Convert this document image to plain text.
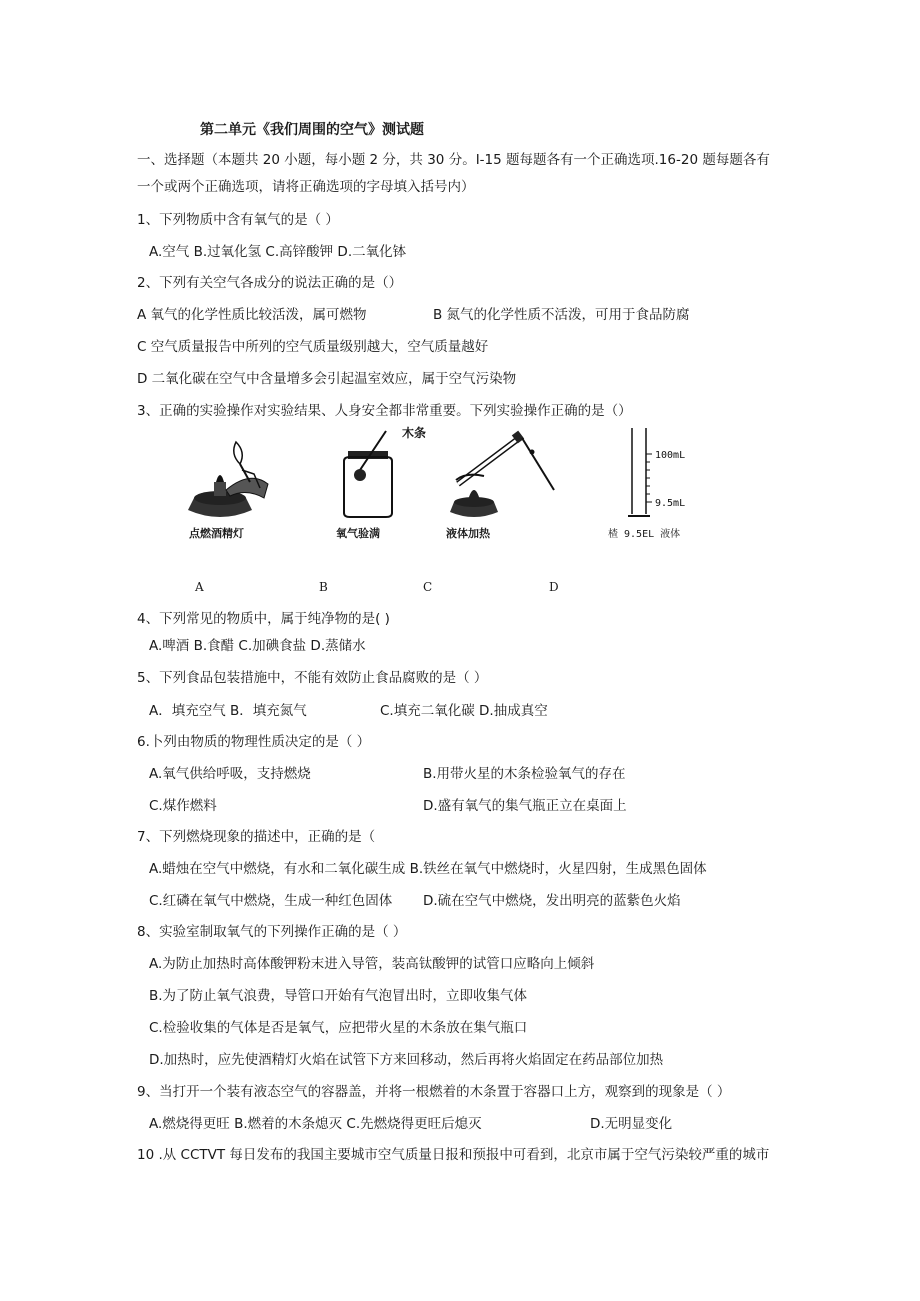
第二单元《我们周围的空气》测试题
一、选择题（本题共 20 小题，每小题 2 分，共 30 分。I-15 题每题各有一个正确选项.16-20 题每题各有
一个或两个正确选项，请将正确选项的字母填入括号内）
1、下列物质中含有氧气的是（ ）
A.空气 B.过氧化氢 C.高锌酸钾 D.二氧化钵
2、下列有关空气各成分的说法正确的是（）
A 氧气的化学性质比较活泼，属可燃物	B 氮气的化学性质不活泼，可用于食品防腐
C 空气质量报告中所列的空气质量级别越大，空气质量越好
D 二氧化碳在空气中含量增多会引起温室效应，属于空气污染物
3、正确的实验操作对实验结果、人身安全都非常重要。下列实验操作正确的是（）
点燃酒精灯
木条
氧气验满	液体加热
100mL
9.5mL
楂 9.5EL 液体
A	B	C	D
4、下列常见的物质中，属于纯净物的是( )
A.啤酒 B.食醋 C.加碘食盐 D.蒸储水
5、下列食品包装措施中，不能有效防止食品腐败的是（ ）
A．填充空气 B．填充氮气	C.填充二氧化碳 D.抽成真空
6.卜列由物质的物理性质决定的是（ ）
A.氧气供给呼吸，支持燃烧	B.用带火星的木条检验氧气的存在
C.煤作燃料	D.盛有氧气的集气瓶正立在桌面上
7、下列燃烧现象的描述中，正确的是（
A.蜡烛在空气中燃烧，有水和二氧化碳生成 B.铁丝在氧气中燃烧时，火星四射，生成黑色固体
C.红磷在氧气中燃烧，生成一种红色固体 D.硫在空气中燃烧，发出明亮的蓝紫色火焰
8、实验室制取氧气的下列操作正确的是（ ）
A.为防止加热时高体酸钾粉末进入导管，装高钛酸钾的试管口应略向上倾斜
B.为了防止氧气浪费，导管口开始有气泡冒出时，立即收集气体
C.检验收集的气体是否是氧气，应把带火星的木条放在集气瓶口
D.加热时，应先使酒精灯火焰在试管下方来回移动，然后再将火焰固定在药品部位加热
9、当打开一个装有液态空气的容器盖，并将一根燃着的木条置于容器口上方，观察到的现象是（ ）
A.燃烧得更旺 B.燃着的木条熄灭 C.先燃烧得更旺后熄灭	D.无明显变化
10 .从 CCTVT 每日发布的我国主要城市空气质量日报和预报中可看到，北京市属于空气污染较严重的城市
